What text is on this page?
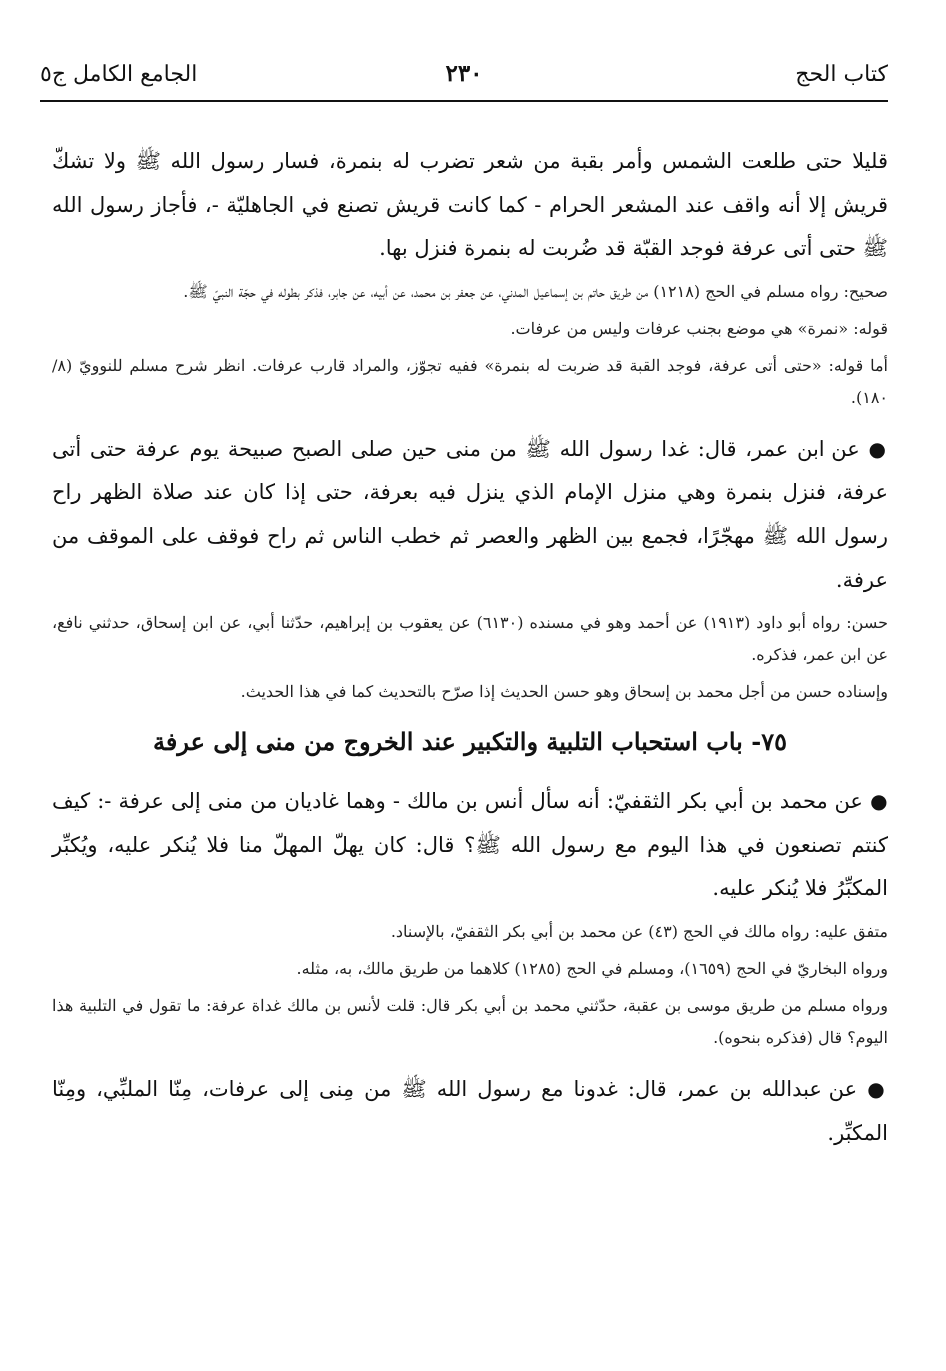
كتاب الحج
٢٣٠
الجامع الكامل ج٥

قليلا حتى طلعت الشمس وأمر بقبة من شعر تضرب له بنمرة، فسار رسول الله ﷺ ولا تشكّ قريش إلا أنه واقف عند المشعر الحرام - كما كانت قريش تصنع في الجاهليّة -، فأجاز رسول الله ﷺ حتى أتى عرفة فوجد القبّة قد ضُربت له بنمرة فنزل بها.

صحيح: رواه مسلم في الحج (١٢١٨) من طريق حاتم بن إسماعيل المدني، عن جعفر بن محمد، عن أبيه، عن جابر، فذكر بطوله في حجّة النبيّ ﷺ.

قوله: «نمرة» هي موضع بجنب عرفات وليس من عرفات.

أما قوله: «حتى أتى عرفة، فوجد القبة قد ضربت له بنمرة» ففيه تجوّز، والمراد قارب عرفات. انظر شرح مسلم للنوويّ (٨/ ١٨٠).

● عن ابن عمر، قال: غدا رسول الله ﷺ من منى حين صلى الصبح صبيحة يوم عرفة حتى أتى عرفة، فنزل بنمرة وهي منزل الإمام الذي ينزل فيه بعرفة، حتى إذا كان عند صلاة الظهر راح رسول الله ﷺ مهجّرًا، فجمع بين الظهر والعصر ثم خطب الناس ثم راح فوقف على الموقف من عرفة.

حسن: رواه أبو داود (١٩١٣) عن أحمد وهو في مسنده (٦١٣٠) عن يعقوب بن إبراهيم، حدّثنا أبي، عن ابن إسحاق، حدثني نافع، عن ابن عمر، فذكره.

وإسناده حسن من أجل محمد بن إسحاق وهو حسن الحديث إذا صرّح بالتحديث كما في هذا الحديث.

٧٥- باب استحباب التلبية والتكبير عند الخروج من منى إلى عرفة

● عن محمد بن أبي بكر الثقفيّ: أنه سأل أنس بن مالك - وهما غاديان من منى إلى عرفة -: كيف كنتم تصنعون في هذا اليوم مع رسول الله ﷺ؟ قال: كان يهلّ المهلّ منا فلا يُنكر عليه، ويُكبِّر المكبِّرُ فلا يُنكر عليه.

متفق عليه: رواه مالك في الحج (٤٣) عن محمد بن أبي بكر الثقفيّ، بالإسناد.

ورواه البخاريّ في الحج (١٦٥٩)، ومسلم في الحج (١٢٨٥) كلاهما من طريق مالك، به، مثله.

ورواه مسلم من طريق موسى بن عقبة، حدّثني محمد بن أبي بكر قال: قلت لأنس بن مالك غداة عرفة: ما تقول في التلبية هذا اليوم؟ قال (فذكره بنحوه).

● عن عبدالله بن عمر، قال: غدونا مع رسول الله ﷺ من مِنى إلى عرفات، مِنّا الملبِّي، ومِنّا المكبِّر.
